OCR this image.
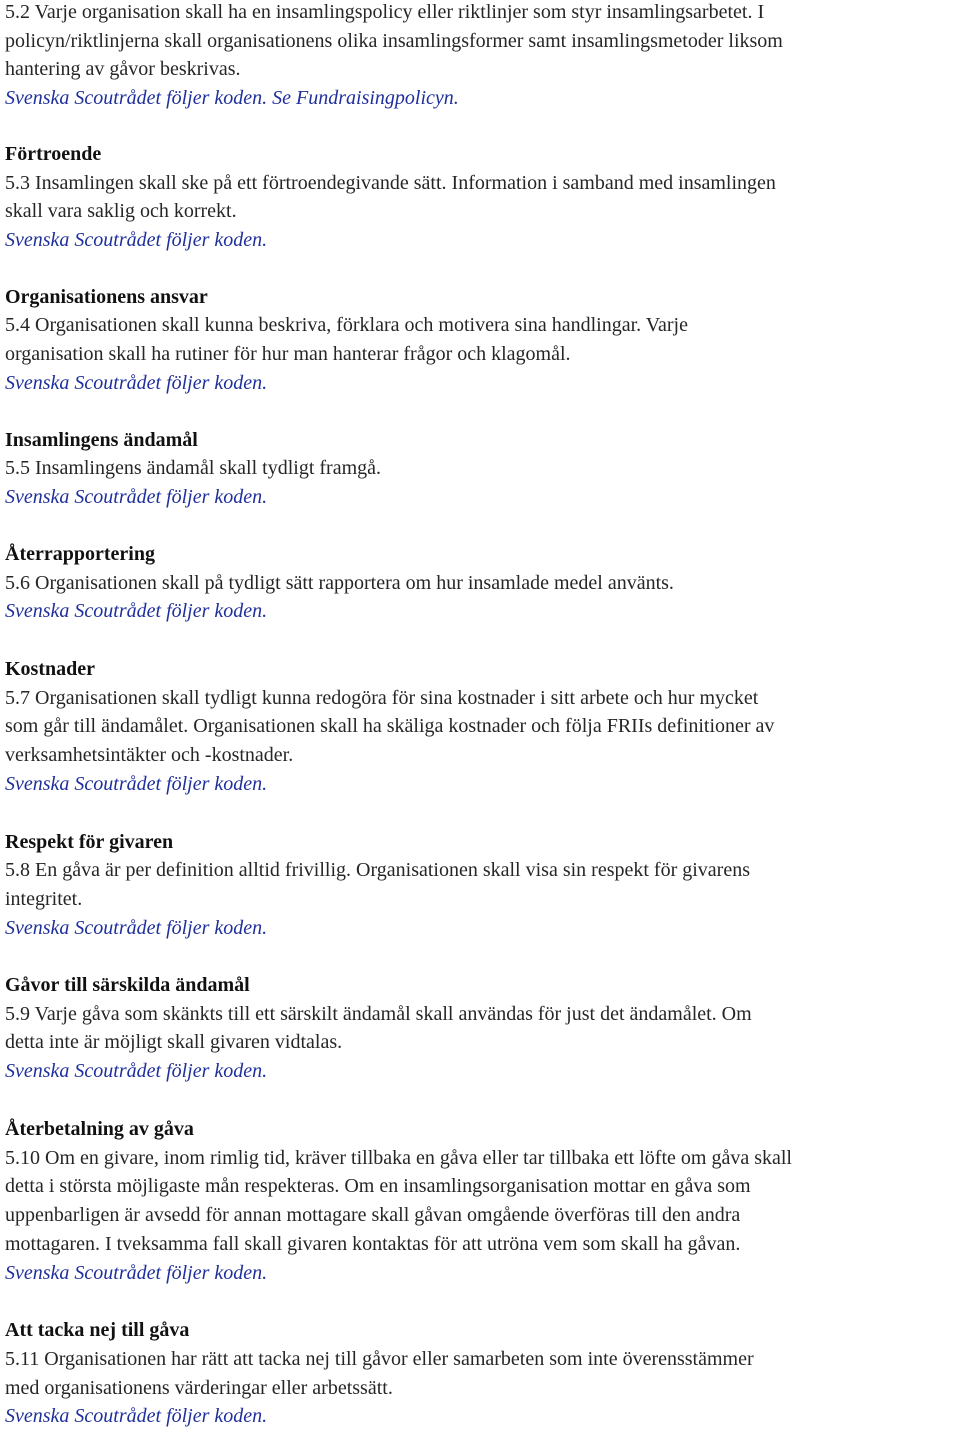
5.2 Varje organisation skall ha en insamlingspolicy eller riktlinjer som styr insamlingsarbetet. I
policyn/riktlinjerna skall organisationens olika insamlingsformer samt insamlingsmetoder liksom
hantering av gåvor beskrivas.
Svenska Scoutrådet följer koden. Se Fundraisingpolicyn.
Förtroende
5.3 Insamlingen skall ske på ett förtroendegivande sätt. Information i samband med insamlingen
skall vara saklig och korrekt.
Svenska Scoutrådet följer koden.
Organisationens ansvar
5.4 Organisationen skall kunna beskriva, förklara och motivera sina handlingar. Varje
organisation skall ha rutiner för hur man hanterar frågor och klagomål.
Svenska Scoutrådet följer koden.
Insamlingens ändamål
5.5 Insamlingens ändamål skall tydligt framgå.
Svenska Scoutrådet följer koden.
Återrapportering
5.6 Organisationen skall på tydligt sätt rapportera om hur insamlade medel använts.
Svenska Scoutrådet följer koden.
Kostnader
5.7 Organisationen skall tydligt kunna redogöra för sina kostnader i sitt arbete och hur mycket
som går till ändamålet. Organisationen skall ha skäliga kostnader och följa FRIIs definitioner av
verksamhetsintäkter och -kostnader.
Svenska Scoutrådet följer koden.
Respekt för givaren
5.8 En gåva är per definition alltid frivillig. Organisationen skall visa sin respekt för givarens
integritet.
Svenska Scoutrådet följer koden.
Gåvor till särskilda ändamål
5.9 Varje gåva som skänkts till ett särskilt ändamål skall användas för just det ändamålet. Om
detta inte är möjligt skall givaren vidtalas.
Svenska Scoutrådet följer koden.
Återbetalning av gåva
5.10 Om en givare, inom rimlig tid, kräver tillbaka en gåva eller tar tillbaka ett löfte om gåva skall
detta i största möjligaste mån respekteras. Om en insamlingsorganisation mottar en gåva som
uppenbarligen är avsedd för annan mottagare skall gåvan omgående överföras till den andra
mottagaren. I tveksamma fall skall givaren kontaktas för att utröna vem som skall ha gåvan.
Svenska Scoutrådet följer koden.
Att tacka nej till gåva
5.11 Organisationen har rätt att tacka nej till gåvor eller samarbeten som inte överensstämmer
med organisationens värderingar eller arbetssätt.
Svenska Scoutrådet följer koden.
